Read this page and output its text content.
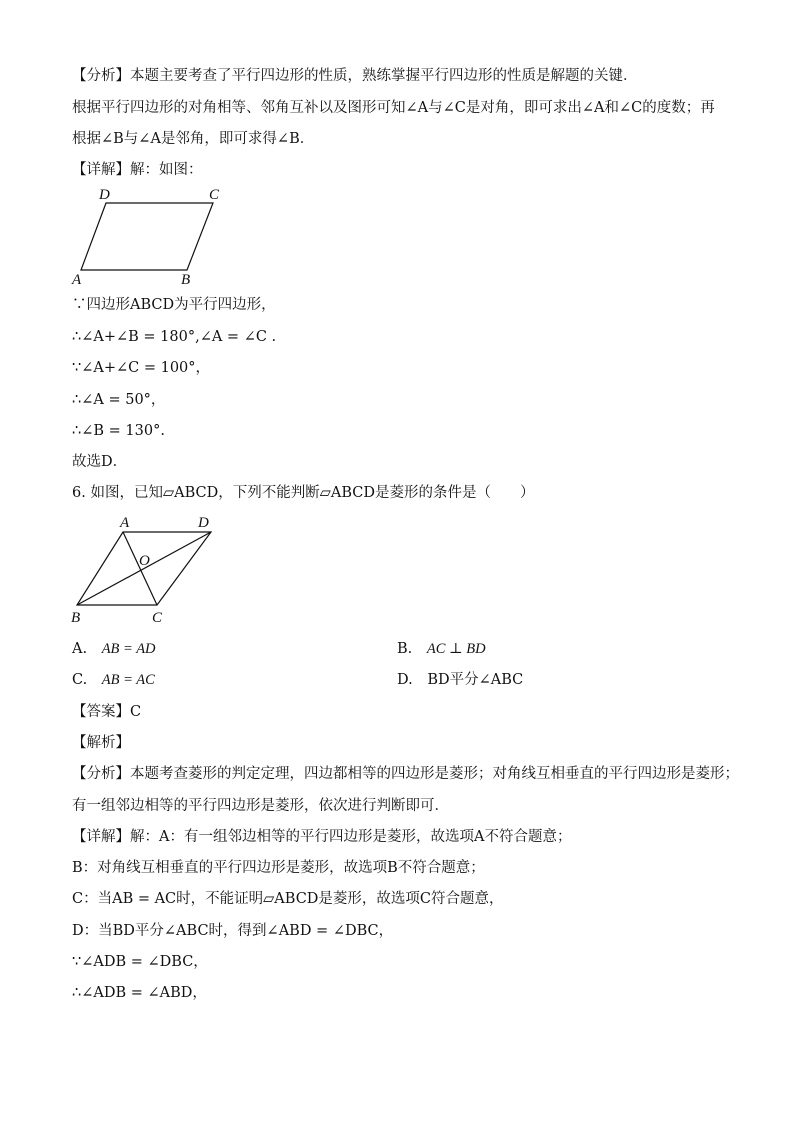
【分析】本题主要考查了平行四边形的性质，熟练掌握平行四边形的性质是解题的关键．
根据平行四边形的对角相等、邻角互补以及图形可知∠A与∠C是对角，即可求出∠A和∠C的度数；再
根据∠B与∠A是邻角，即可求得∠B．
【详解】解：如图：
D	C
A	B
∵四边形ABCD为平行四边形，
∴∠A+∠B = 180°,∠A = ∠C .
∵∠A+∠C = 100°，
∴∠A = 50°，
∴∠B = 130°.
故选D．
6. 如图，已知▱ABCD，下列不能判断▱ABCD是菱形的条件是（　　）
A	D
O
B	C
A. AB = AD	B. AC ⊥ BD
C. AB = AC	D. BD平分∠ABC
【答案】C
【解析】
【分析】本题考查菱形的判定定理，四边都相等的四边形是菱形；对角线互相垂直的平行四边形是菱形；
有一组邻边相等的平行四边形是菱形，依次进行判断即可．
【详解】解：A：有一组邻边相等的平行四边形是菱形，故选项A不符合题意；
B：对角线互相垂直的平行四边形是菱形，故选项B不符合题意；
C：当AB = AC时，不能证明▱ABCD是菱形，故选项C符合题意，
D：当BD平分∠ABC时，得到∠ABD = ∠DBC，
∵∠ADB = ∠DBC，
∴∠ADB = ∠ABD，
